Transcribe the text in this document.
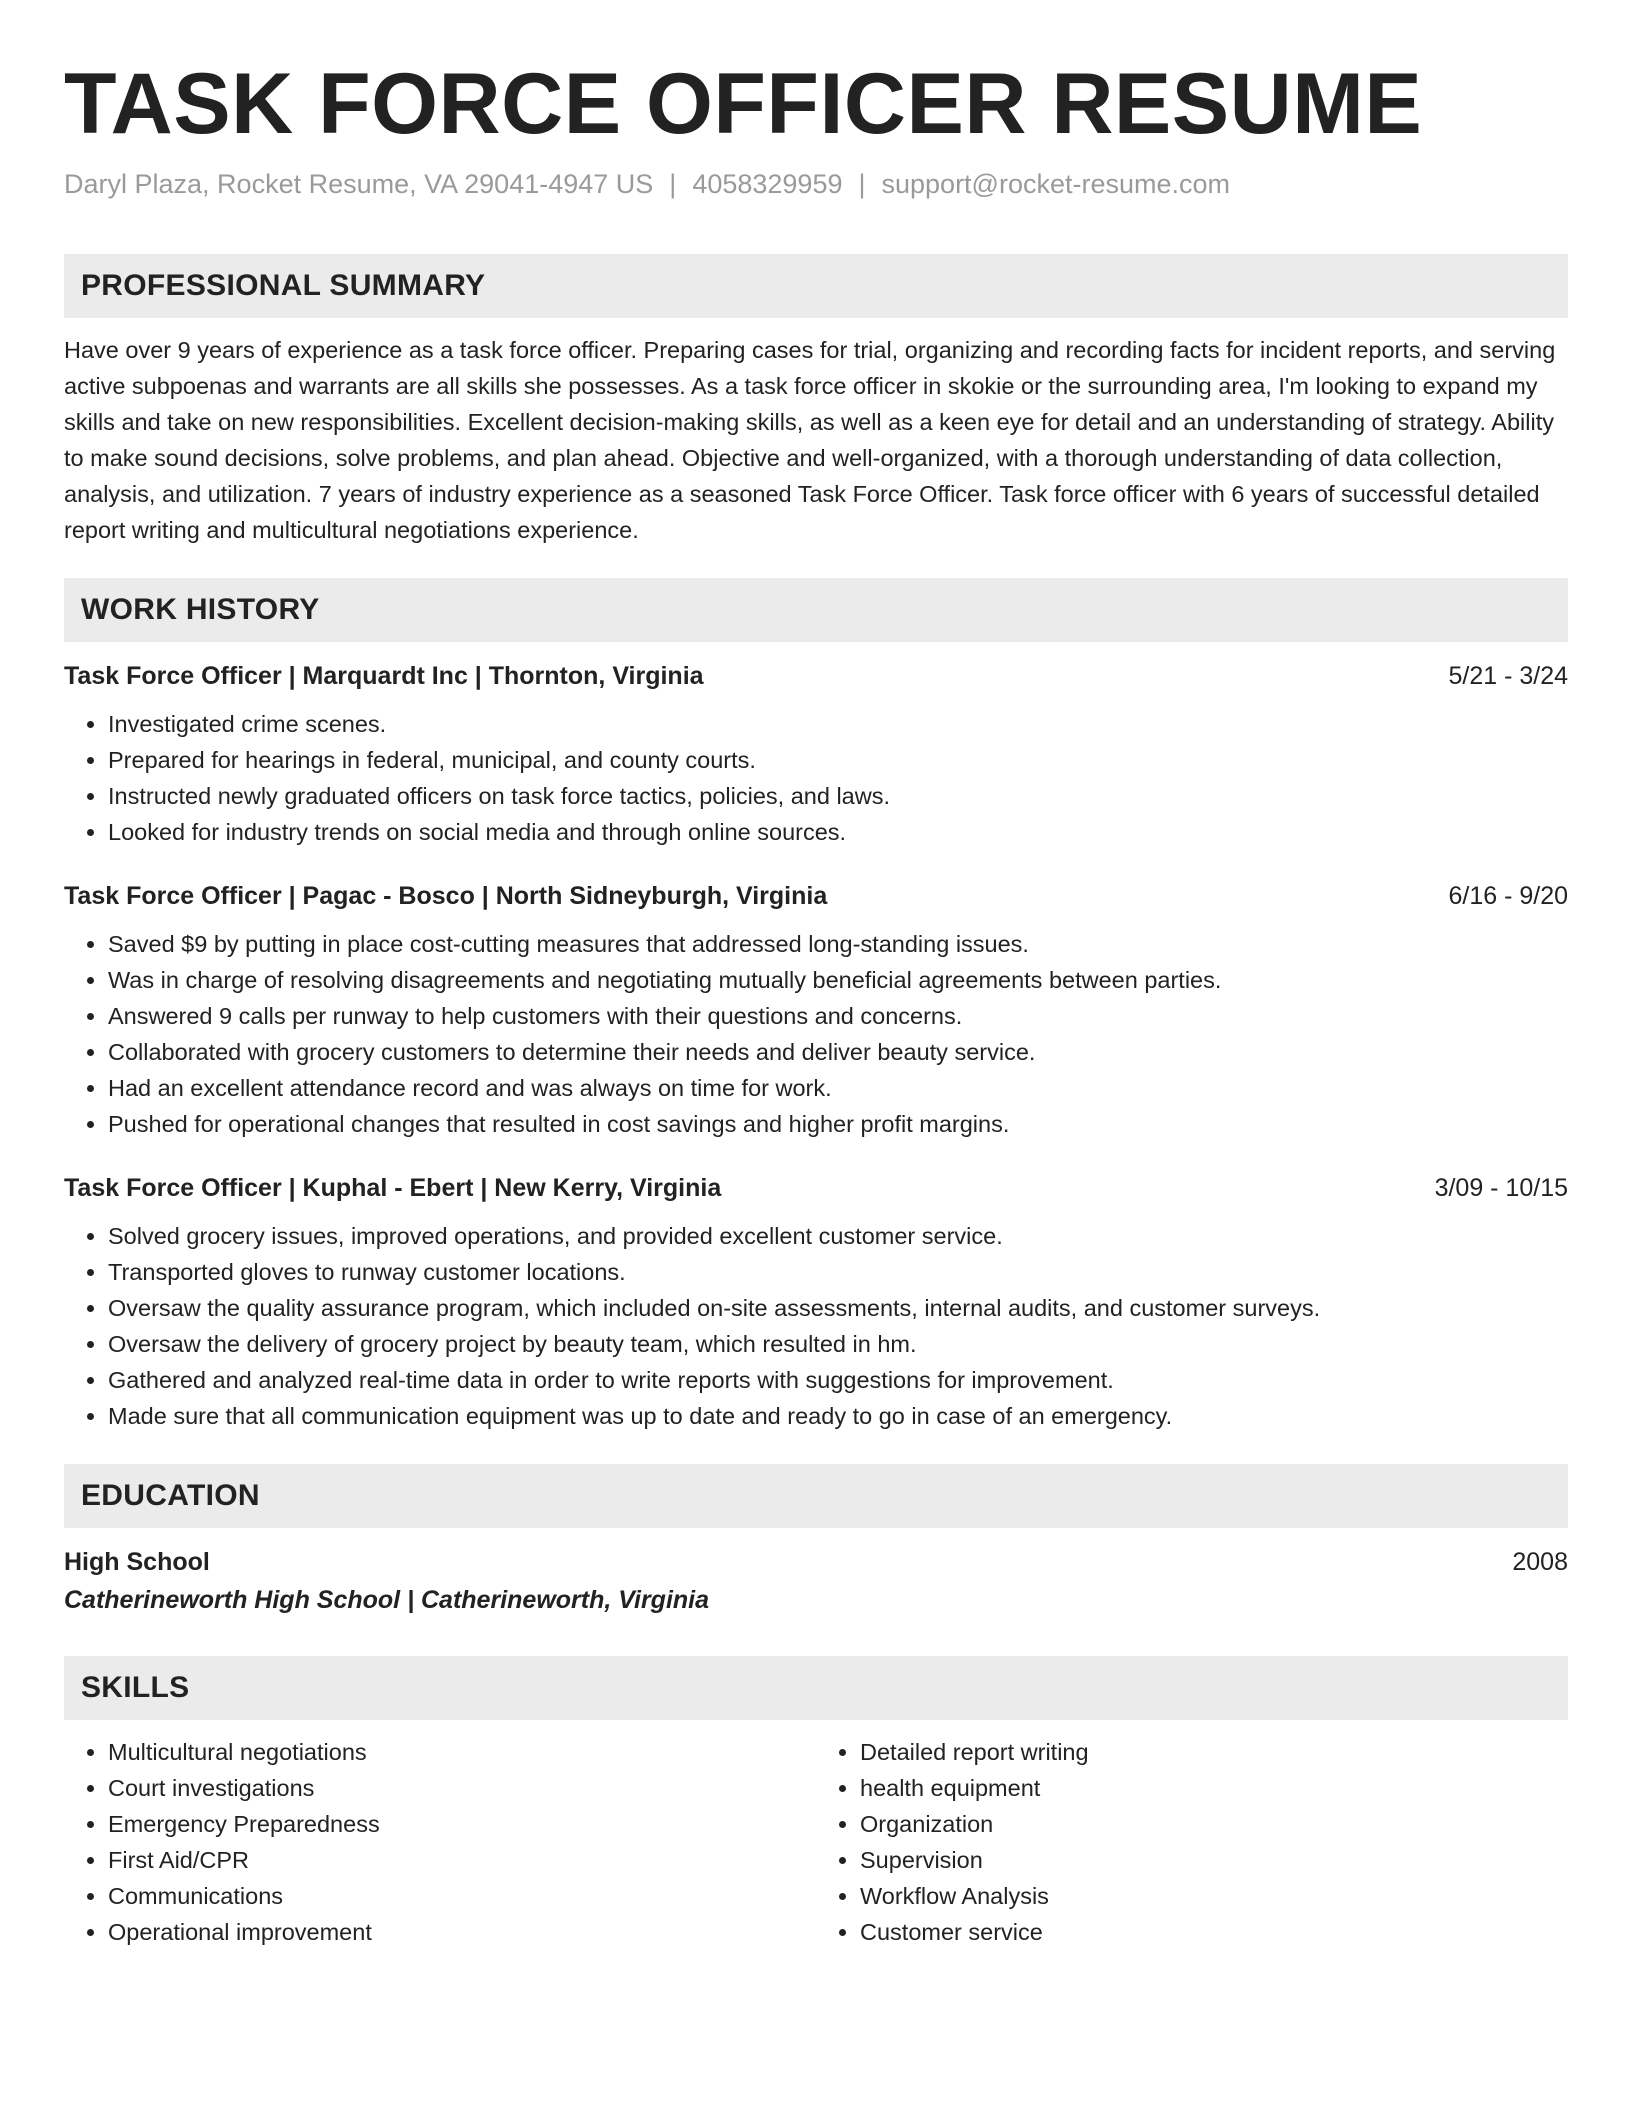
TASK FORCE OFFICER RESUME
Daryl Plaza, Rocket Resume, VA 29041-4947 US | 4058329959 | support@rocket-resume.com
PROFESSIONAL SUMMARY
Have over 9 years of experience as a task force officer. Preparing cases for trial, organizing and recording facts for incident reports, and serving active subpoenas and warrants are all skills she possesses. As a task force officer in skokie or the surrounding area, I'm looking to expand my skills and take on new responsibilities. Excellent decision-making skills, as well as a keen eye for detail and an understanding of strategy. Ability to make sound decisions, solve problems, and plan ahead. Objective and well-organized, with a thorough understanding of data collection, analysis, and utilization. 7 years of industry experience as a seasoned Task Force Officer. Task force officer with 6 years of successful detailed report writing and multicultural negotiations experience.
WORK HISTORY
Task Force Officer | Marquardt Inc | Thornton, Virginia	5/21 - 3/24
• Investigated crime scenes.
• Prepared for hearings in federal, municipal, and county courts.
• Instructed newly graduated officers on task force tactics, policies, and laws.
• Looked for industry trends on social media and through online sources.
Task Force Officer | Pagac - Bosco | North Sidneyburgh, Virginia	6/16 - 9/20
• Saved $9 by putting in place cost-cutting measures that addressed long-standing issues.
• Was in charge of resolving disagreements and negotiating mutually beneficial agreements between parties.
• Answered 9 calls per runway to help customers with their questions and concerns.
• Collaborated with grocery customers to determine their needs and deliver beauty service.
• Had an excellent attendance record and was always on time for work.
• Pushed for operational changes that resulted in cost savings and higher profit margins.
Task Force Officer | Kuphal - Ebert | New Kerry, Virginia	3/09 - 10/15
• Solved grocery issues, improved operations, and provided excellent customer service.
• Transported gloves to runway customer locations.
• Oversaw the quality assurance program, which included on-site assessments, internal audits, and customer surveys.
• Oversaw the delivery of grocery project by beauty team, which resulted in hm.
• Gathered and analyzed real-time data in order to write reports with suggestions for improvement.
• Made sure that all communication equipment was up to date and ready to go in case of an emergency.
EDUCATION
High School	2008
Catherineworth High School | Catherineworth, Virginia
SKILLS
• Multicultural negotiations
• Court investigations
• Emergency Preparedness
• First Aid/CPR
• Communications
• Operational improvement
• Detailed report writing
• health equipment
• Organization
• Supervision
• Workflow Analysis
• Customer service
